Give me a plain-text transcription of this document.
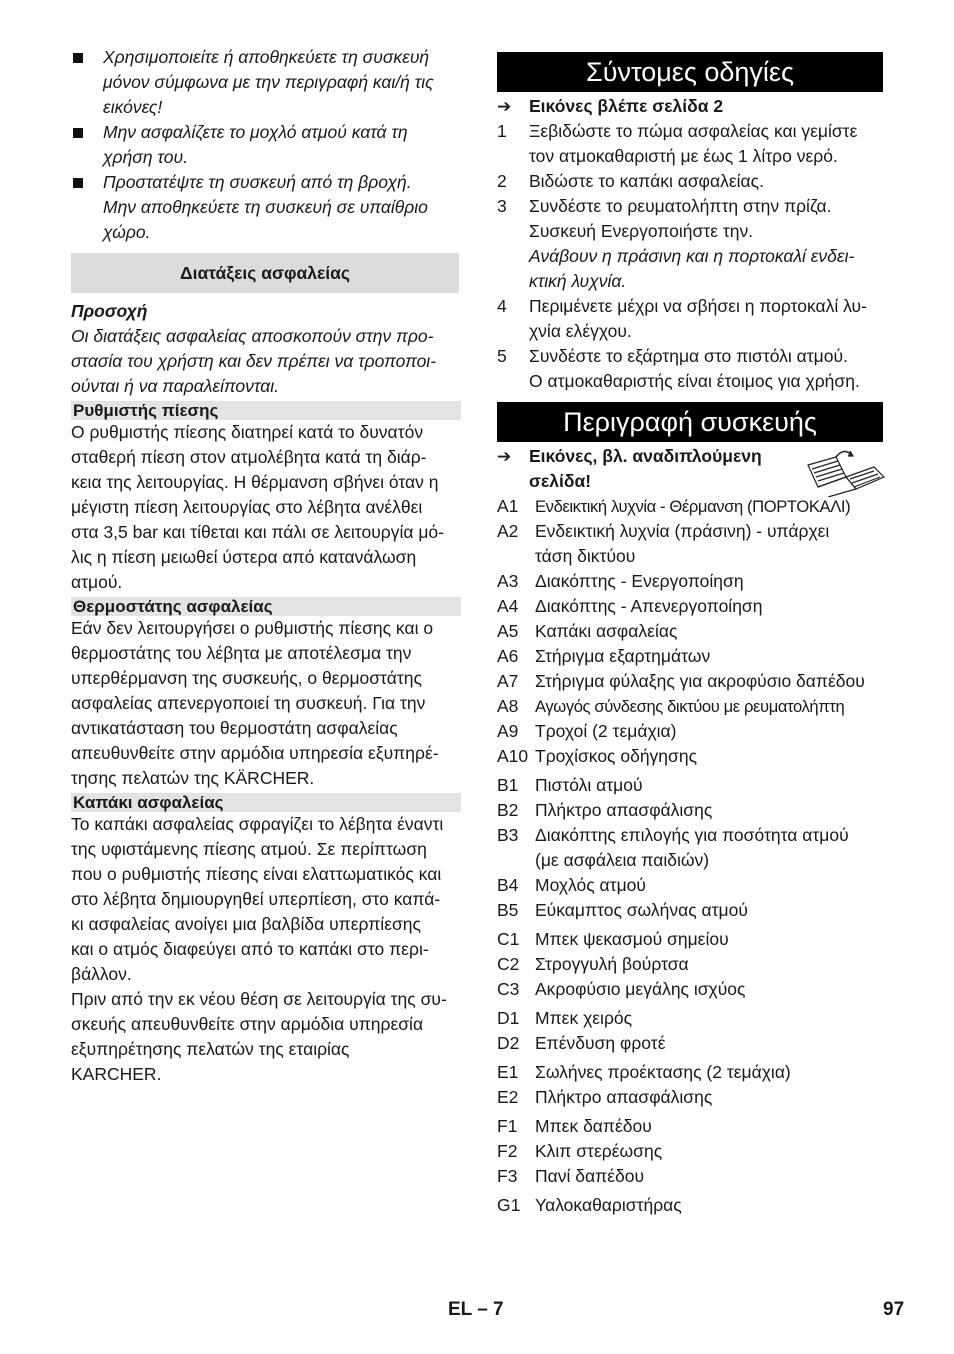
Χρησιμοποιείτε ή αποθηκεύετε τη συσκευή
μόνον σύμφωνα με την περιγραφή και/ή τις
εικόνες!
Μην ασφαλίζετε το μοχλό ατμού κατά τη
χρήση του.
Προστατέψτε τη συσκευή από τη βροχή.
Μην αποθηκεύετε τη συσκευή σε υπαίθριο
χώρο.
Διατάξεις ασφαλείας
Προσοχή
Οι διατάξεις ασφαλείας αποσκοπούν στην προ-
στασία του χρήστη και δεν πρέπει να τροποποι-
ούνται ή να παραλείπονται.
Ρυθμιστής πίεσης
Ο ρυθμιστής πίεσης διατηρεί κατά το δυνατόν
σταθερή πίεση στον ατμολέβητα κατά τη διάρ-
κεια της λειτουργίας. Η θέρμανση σβήνει όταν η
μέγιστη πίεση λειτουργίας στο λέβητα ανέλθει
στα 3,5 bar και τίθεται και πάλι σε λειτουργία μό-
λις η πίεση μειωθεί ύστερα από κατανάλωση
ατμού.
Θερμοστάτης ασφαλείας
Εάν δεν λειτουργήσει ο ρυθμιστής πίεσης και ο
θερμοστάτης του λέβητα με αποτέλεσμα την
υπερθέρμανση της συσκευής, ο θερμοστάτης
ασφαλείας απενεργοποιεί τη συσκευή. Για την
αντικατάσταση του θερμοστάτη ασφαλείας
απευθυνθείτε στην αρμόδια υπηρεσία εξυπηρέ-
τησης πελατών της KÄRCHER.
Καπάκι ασφαλείας
Το καπάκι ασφαλείας σφραγίζει το λέβητα έναντι
της υφιστάμενης πίεσης ατμού. Σε περίπτωση
που ο ρυθμιστής πίεσης είναι ελαττωματικός και
στο λέβητα δημιουργηθεί υπερπίεση, στο καπά-
κι ασφαλείας ανοίγει μια βαλβίδα υπερπίεσης
και ο ατμός διαφεύγει από το καπάκι στο περι-
βάλλον.
Πριν από την εκ νέου θέση σε λειτουργία της συ-
σκευής απευθυνθείτε στην αρμόδια υπηρεσία
εξυπηρέτησης πελατών της εταιρίας
KARCHER.
Σύντομες οδηγίες
➔	Εικόνες βλέπε σελίδα 2
1	Ξεβιδώστε το πώμα ασφαλείας και γεμίστε
τον ατμοκαθαριστή με έως 1 λίτρο νερό.
2	Βιδώστε το καπάκι ασφαλείας.
3	Συνδέστε το ρευματολήπτη στην πρίζα.
Συσκευή Ενεργοποιήστε την.
Ανάβουν η πράσινη και η πορτοκαλί ενδει-
κτική λυχνία.
4	Περιμένετε μέχρι να σβήσει η πορτοκαλί λυ-
χνία ελέγχου.
5	Συνδέστε το εξάρτημα στο πιστόλι ατμού.
Ο ατμοκαθαριστής είναι έτοιμος για χρήση.
Περιγραφή συσκευής
➔	Εικόνες, βλ. αναδιπλούμενη
σελίδα!
A1 Ενδεικτική λυχνία - Θέρμανση (ΠΟΡΤΟΚΑΛΙ)
A2 Ενδεικτική λυχνία (πράσινη) - υπάρχει
τάση δικτύου
A3 Διακόπτης - Ενεργοποίηση
A4 Διακόπτης - Απενεργοποίηση
A5 Καπάκι ασφαλείας
A6 Στήριγμα εξαρτημάτων
A7 Στήριγμα φύλαξης για ακροφύσιο δαπέδου
A8 Αγωγός σύνδεσης δικτύου με ρευματολήπτη
A9 Τροχοί (2 τεμάχια)
A10 Τροχίσκος οδήγησης
B1 Πιστόλι ατμού
B2 Πλήκτρο απασφάλισης
B3 Διακόπτης επιλογής για ποσότητα ατμού
(με ασφάλεια παιδιών)
B4 Μοχλός ατμού
B5 Εύκαμπτος σωλήνας ατμού
C1 Μπεκ ψεκασμού σημείου
C2 Στρογγυλή βούρτσα
C3 Ακροφύσιο μεγάλης ισχύος
D1 Μπεκ χειρός
D2 Επένδυση φροτέ
E1 Σωλήνες προέκτασης (2 τεμάχια)
E2 Πλήκτρο απασφάλισης
F1	Μπεκ δαπέδου
F2	Κλιπ στερέωσης
F3	Πανί δαπέδου
G1 Υαλοκαθαριστήρας
EL – 7	97
